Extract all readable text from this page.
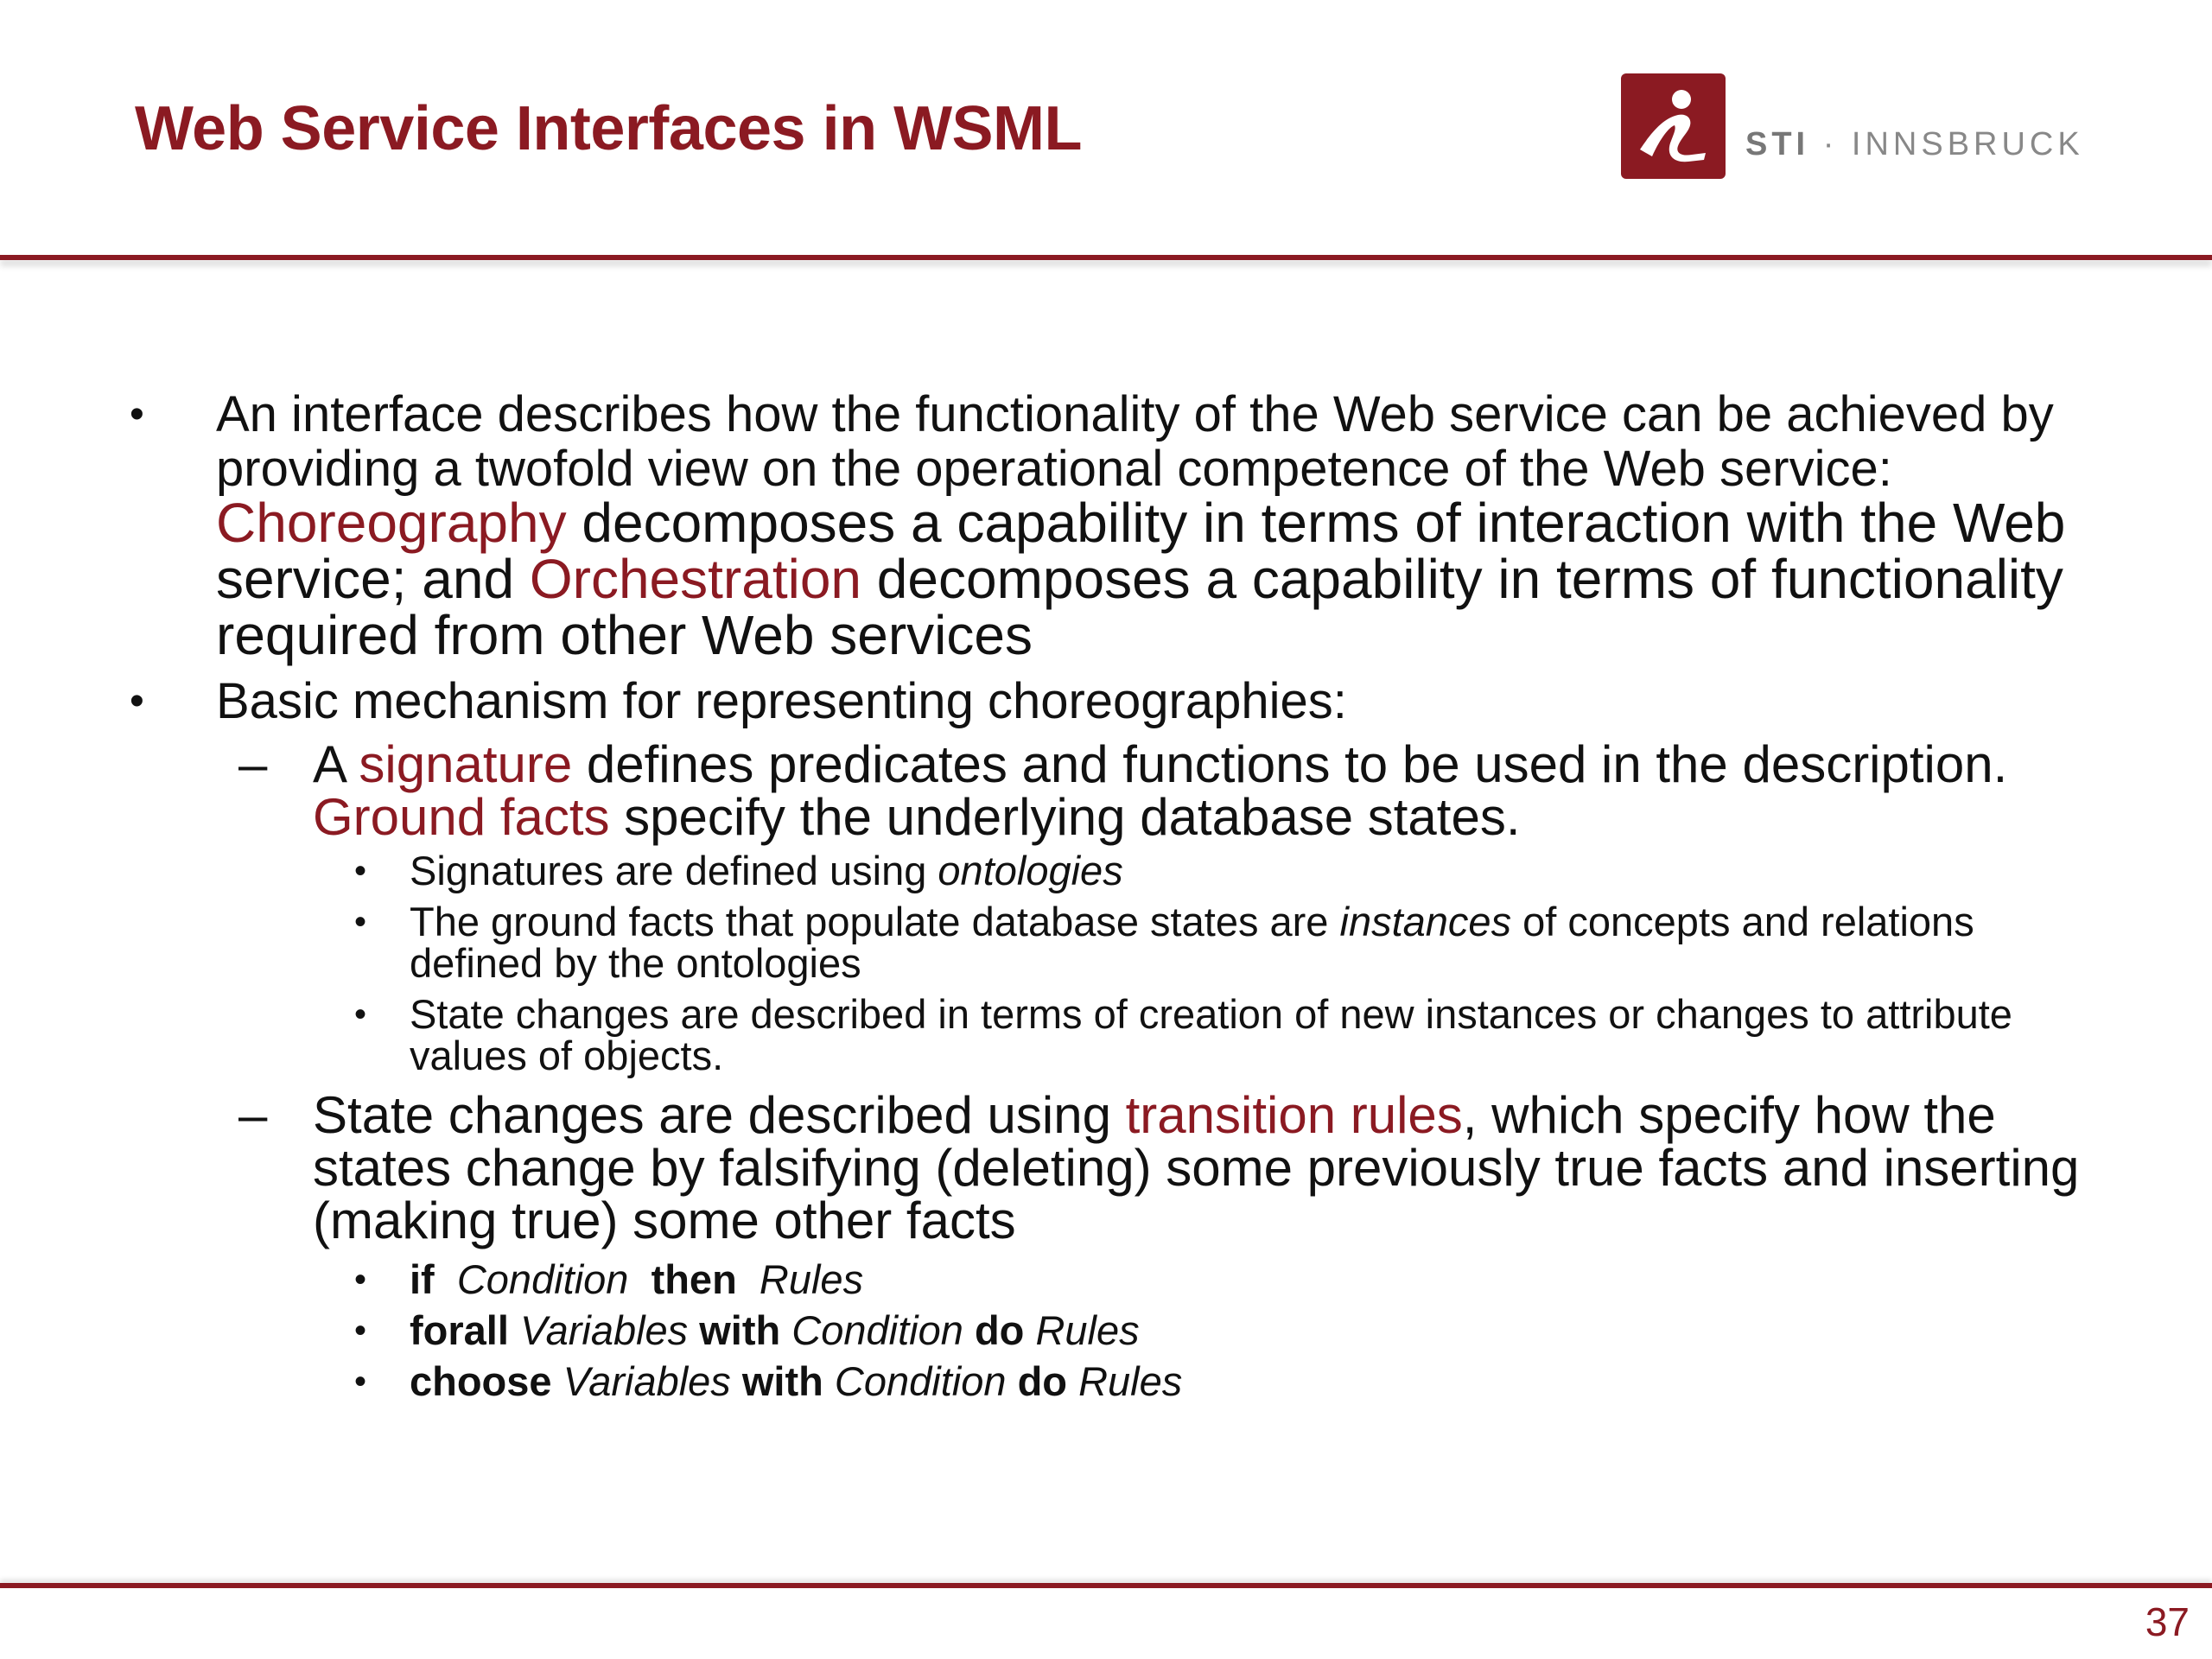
Web Service Interfaces in WSML	STI · INNSBRUCK
• An interface describes how the functionality of the Web service can be achieved by providing a twofold view on the operational competence of the Web service: Choreography decomposes a capability in terms of interaction with the Web service; and Orchestration decomposes a capability in terms of functionality required from other Web services
• Basic mechanism for representing choreographies:
– A signature defines predicates and functions to be used in the description. Ground facts specify the underlying database states.
• Signatures are defined using ontologies
• The ground facts that populate database states are instances of concepts and relations defined by the ontologies
• State changes are described in terms of creation of new instances or changes to attribute values of objects.
– State changes are described using transition rules, which specify how the states change by falsifying (deleting) some previously true facts and inserting (making true) some other facts
• if Condition then Rules
• forall Variables with Condition do Rules
• choose Variables with Condition do Rules
37
